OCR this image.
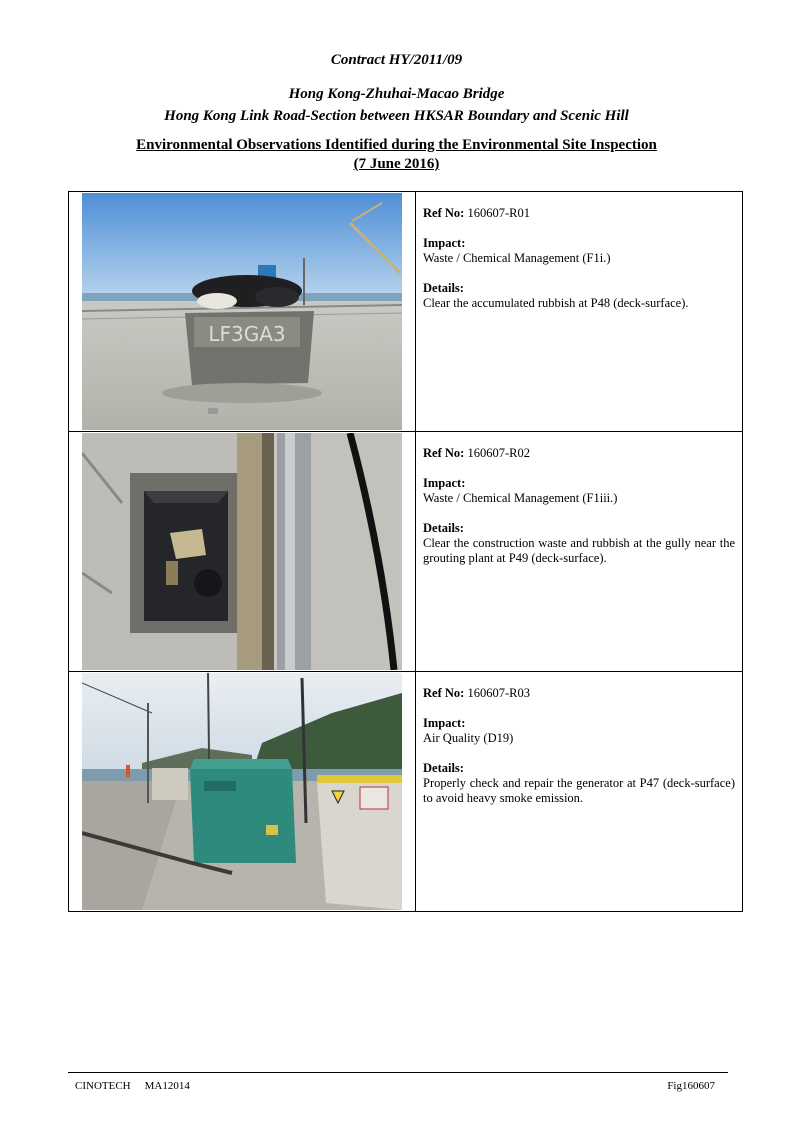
Contract HY/2011/09
Hong Kong-Zhuhai-Macao Bridge
Hong Kong Link Road-Section between HKSAR Boundary and Scenic Hill
Environmental Observations Identified during the Environmental Site Inspection
(7 June 2016)
LF3GA3	Ref No: 160607-R01
Impact:
Waste / Chemical Management (F1i.)
Details:
Clear the accumulated rubbish at P48 (deck-surface).

Ref No: 160607-R02
Impact:
Waste / Chemical Management (F1iii.)
Details:
Clear the construction waste and rubbish at the gully near the grouting plant at P49 (deck-surface).

Ref No: 160607-R03
Impact:
Air Quality (D19)
Details:
Properly check and repair the generator at P47 (deck-surface) to avoid heavy smoke emission.
CINOTECH MA12014	Fig160607
